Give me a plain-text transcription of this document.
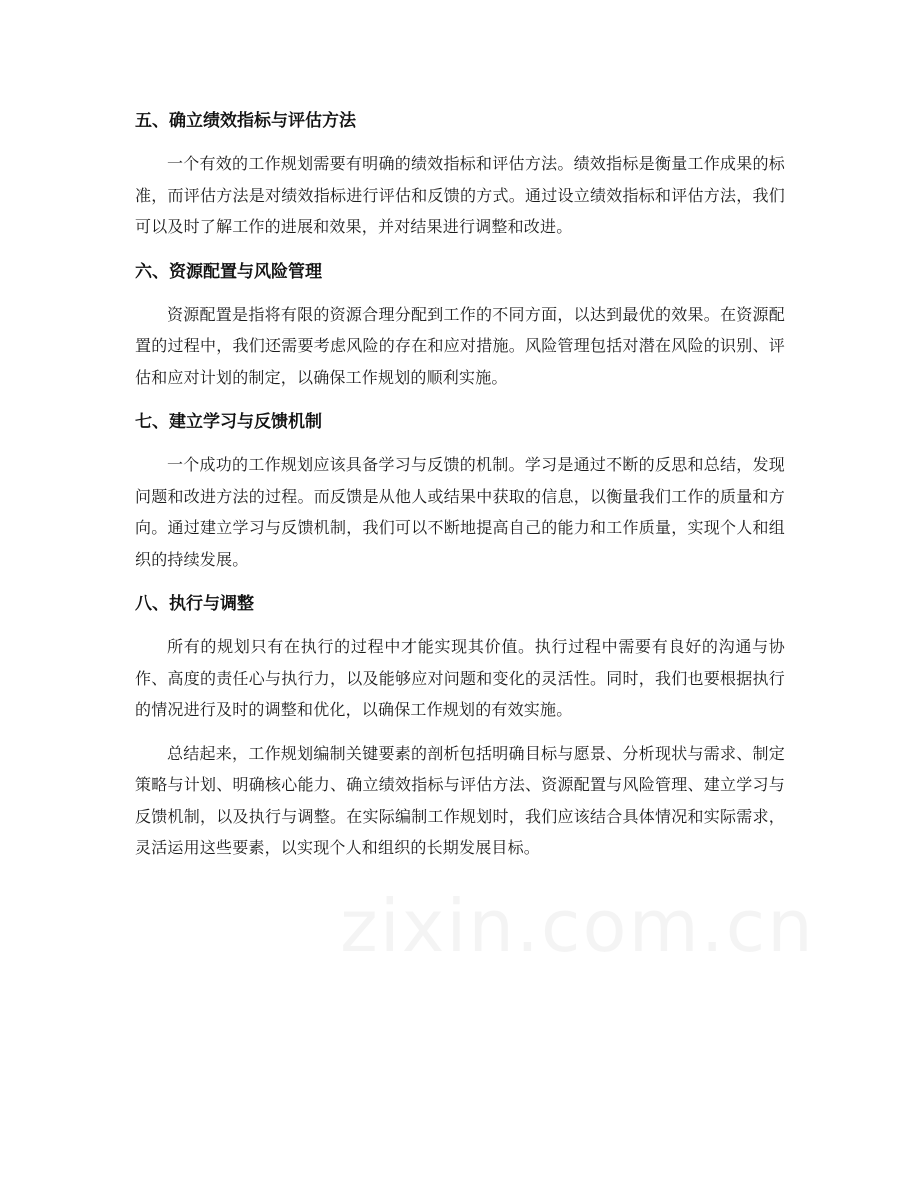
五、确立绩效指标与评估方法

一个有效的工作规划需要有明确的绩效指标和评估方法。绩效指标是衡量工作成果的标准，而评估方法是对绩效指标进行评估和反馈的方式。通过设立绩效指标和评估方法，我们可以及时了解工作的进展和效果，并对结果进行调整和改进。

六、资源配置与风险管理

资源配置是指将有限的资源合理分配到工作的不同方面，以达到最优的效果。在资源配置的过程中，我们还需要考虑风险的存在和应对措施。风险管理包括对潜在风险的识别、评估和应对计划的制定，以确保工作规划的顺利实施。

七、建立学习与反馈机制

一个成功的工作规划应该具备学习与反馈的机制。学习是通过不断的反思和总结，发现问题和改进方法的过程。而反馈是从他人或结果中获取的信息，以衡量我们工作的质量和方向。通过建立学习与反馈机制，我们可以不断地提高自己的能力和工作质量，实现个人和组织的持续发展。

八、执行与调整

所有的规划只有在执行的过程中才能实现其价值。执行过程中需要有良好的沟通与协作、高度的责任心与执行力，以及能够应对问题和变化的灵活性。同时，我们也要根据执行的情况进行及时的调整和优化，以确保工作规划的有效实施。

总结起来，工作规划编制关键要素的剖析包括明确目标与愿景、分析现状与需求、制定策略与计划、明确核心能力、确立绩效指标与评估方法、资源配置与风险管理、建立学习与反馈机制，以及执行与调整。在实际编制工作规划时，我们应该结合具体情况和实际需求，灵活运用这些要素，以实现个人和组织的长期发展目标。
